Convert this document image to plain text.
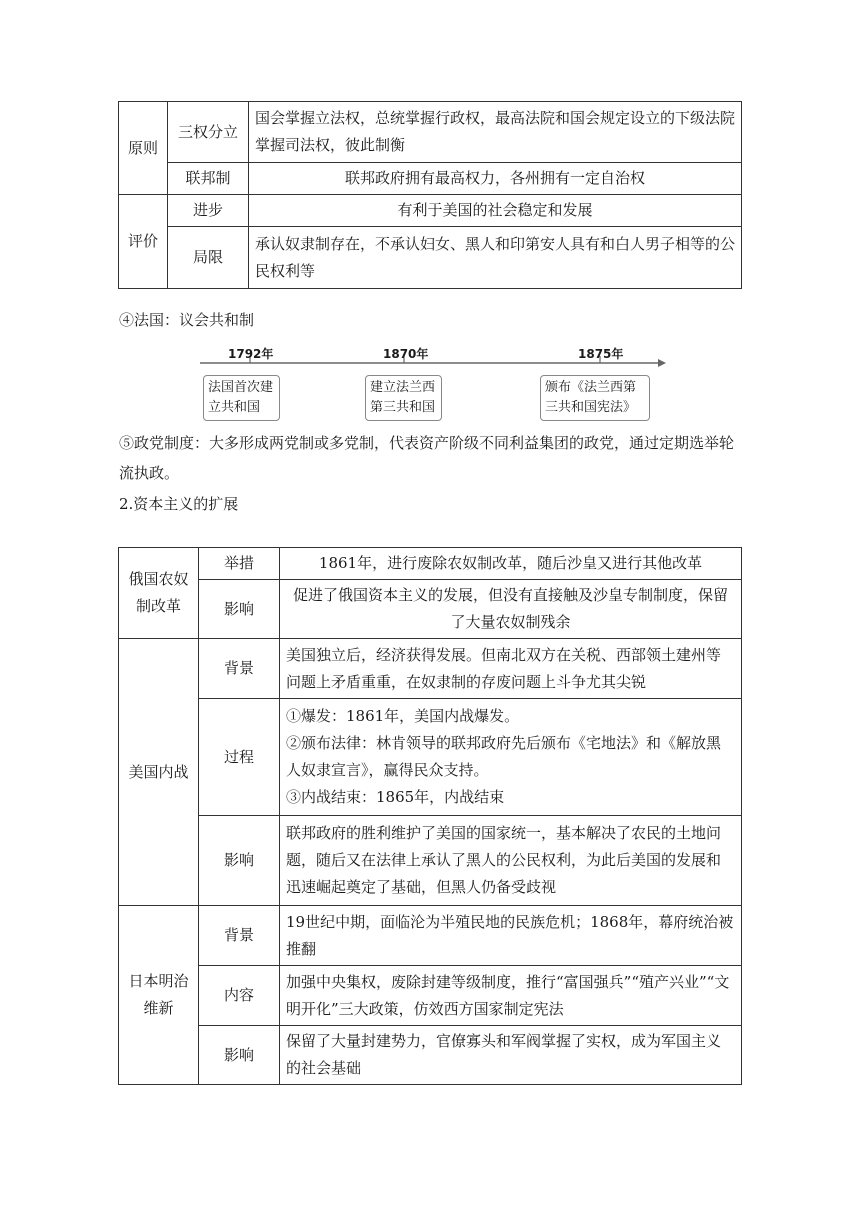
原则	三权分立	国会掌握立法权，总统掌握行政权，最高法院和国会规定设立的下级法院掌握司法权，彼此制衡
	联邦制	联邦政府拥有最高权力，各州拥有一定自治权
评价	进步	有利于美国的社会稳定和发展
	局限	承认奴隶制存在，不承认妇女、黑人和印第安人具有和白人男子相等的公民权利等
④法国：议会共和制
1792年	1870年	1875年
法国首次建立共和国
建立法兰西第三共和国
颁布《法兰西第三共和国宪法》
⑤政党制度：大多形成两党制或多党制，代表资产阶级不同利益集团的政党，通过定期选举轮流执政。
2.资本主义的扩展
俄国农奴制改革	举措	1861年，进行废除农奴制改革，随后沙皇又进行其他改革
	影响	促进了俄国资本主义的发展，但没有直接触及沙皇专制制度，保留了大量农奴制残余
美国内战	背景	美国独立后，经济获得发展。但南北双方在关税、西部领土建州等问题上矛盾重重，在奴隶制的存废问题上斗争尤其尖锐
	过程	①爆发：1861年，美国内战爆发。
②颁布法律：林肯领导的联邦政府先后颁布《宅地法》和《解放黑人奴隶宣言》，赢得民众支持。
③内战结束：1865年，内战结束

	影响	联邦政府的胜利维护了美国的国家统一，基本解决了农民的土地问题，随后又在法律上承认了黑人的公民权利，为此后美国的发展和迅速崛起奠定了基础，但黑人仍备受歧视
日本明治维新	背景	19世纪中期，面临沦为半殖民地的民族危机；1868年，幕府统治被推翻
	内容	加强中央集权，废除封建等级制度，推行“富国强兵”“殖产兴业”“文明开化”三大政策，仿效西方国家制定宪法
	影响	保留了大量封建势力，官僚寡头和军阀掌握了实权，成为军国主义的社会基础
